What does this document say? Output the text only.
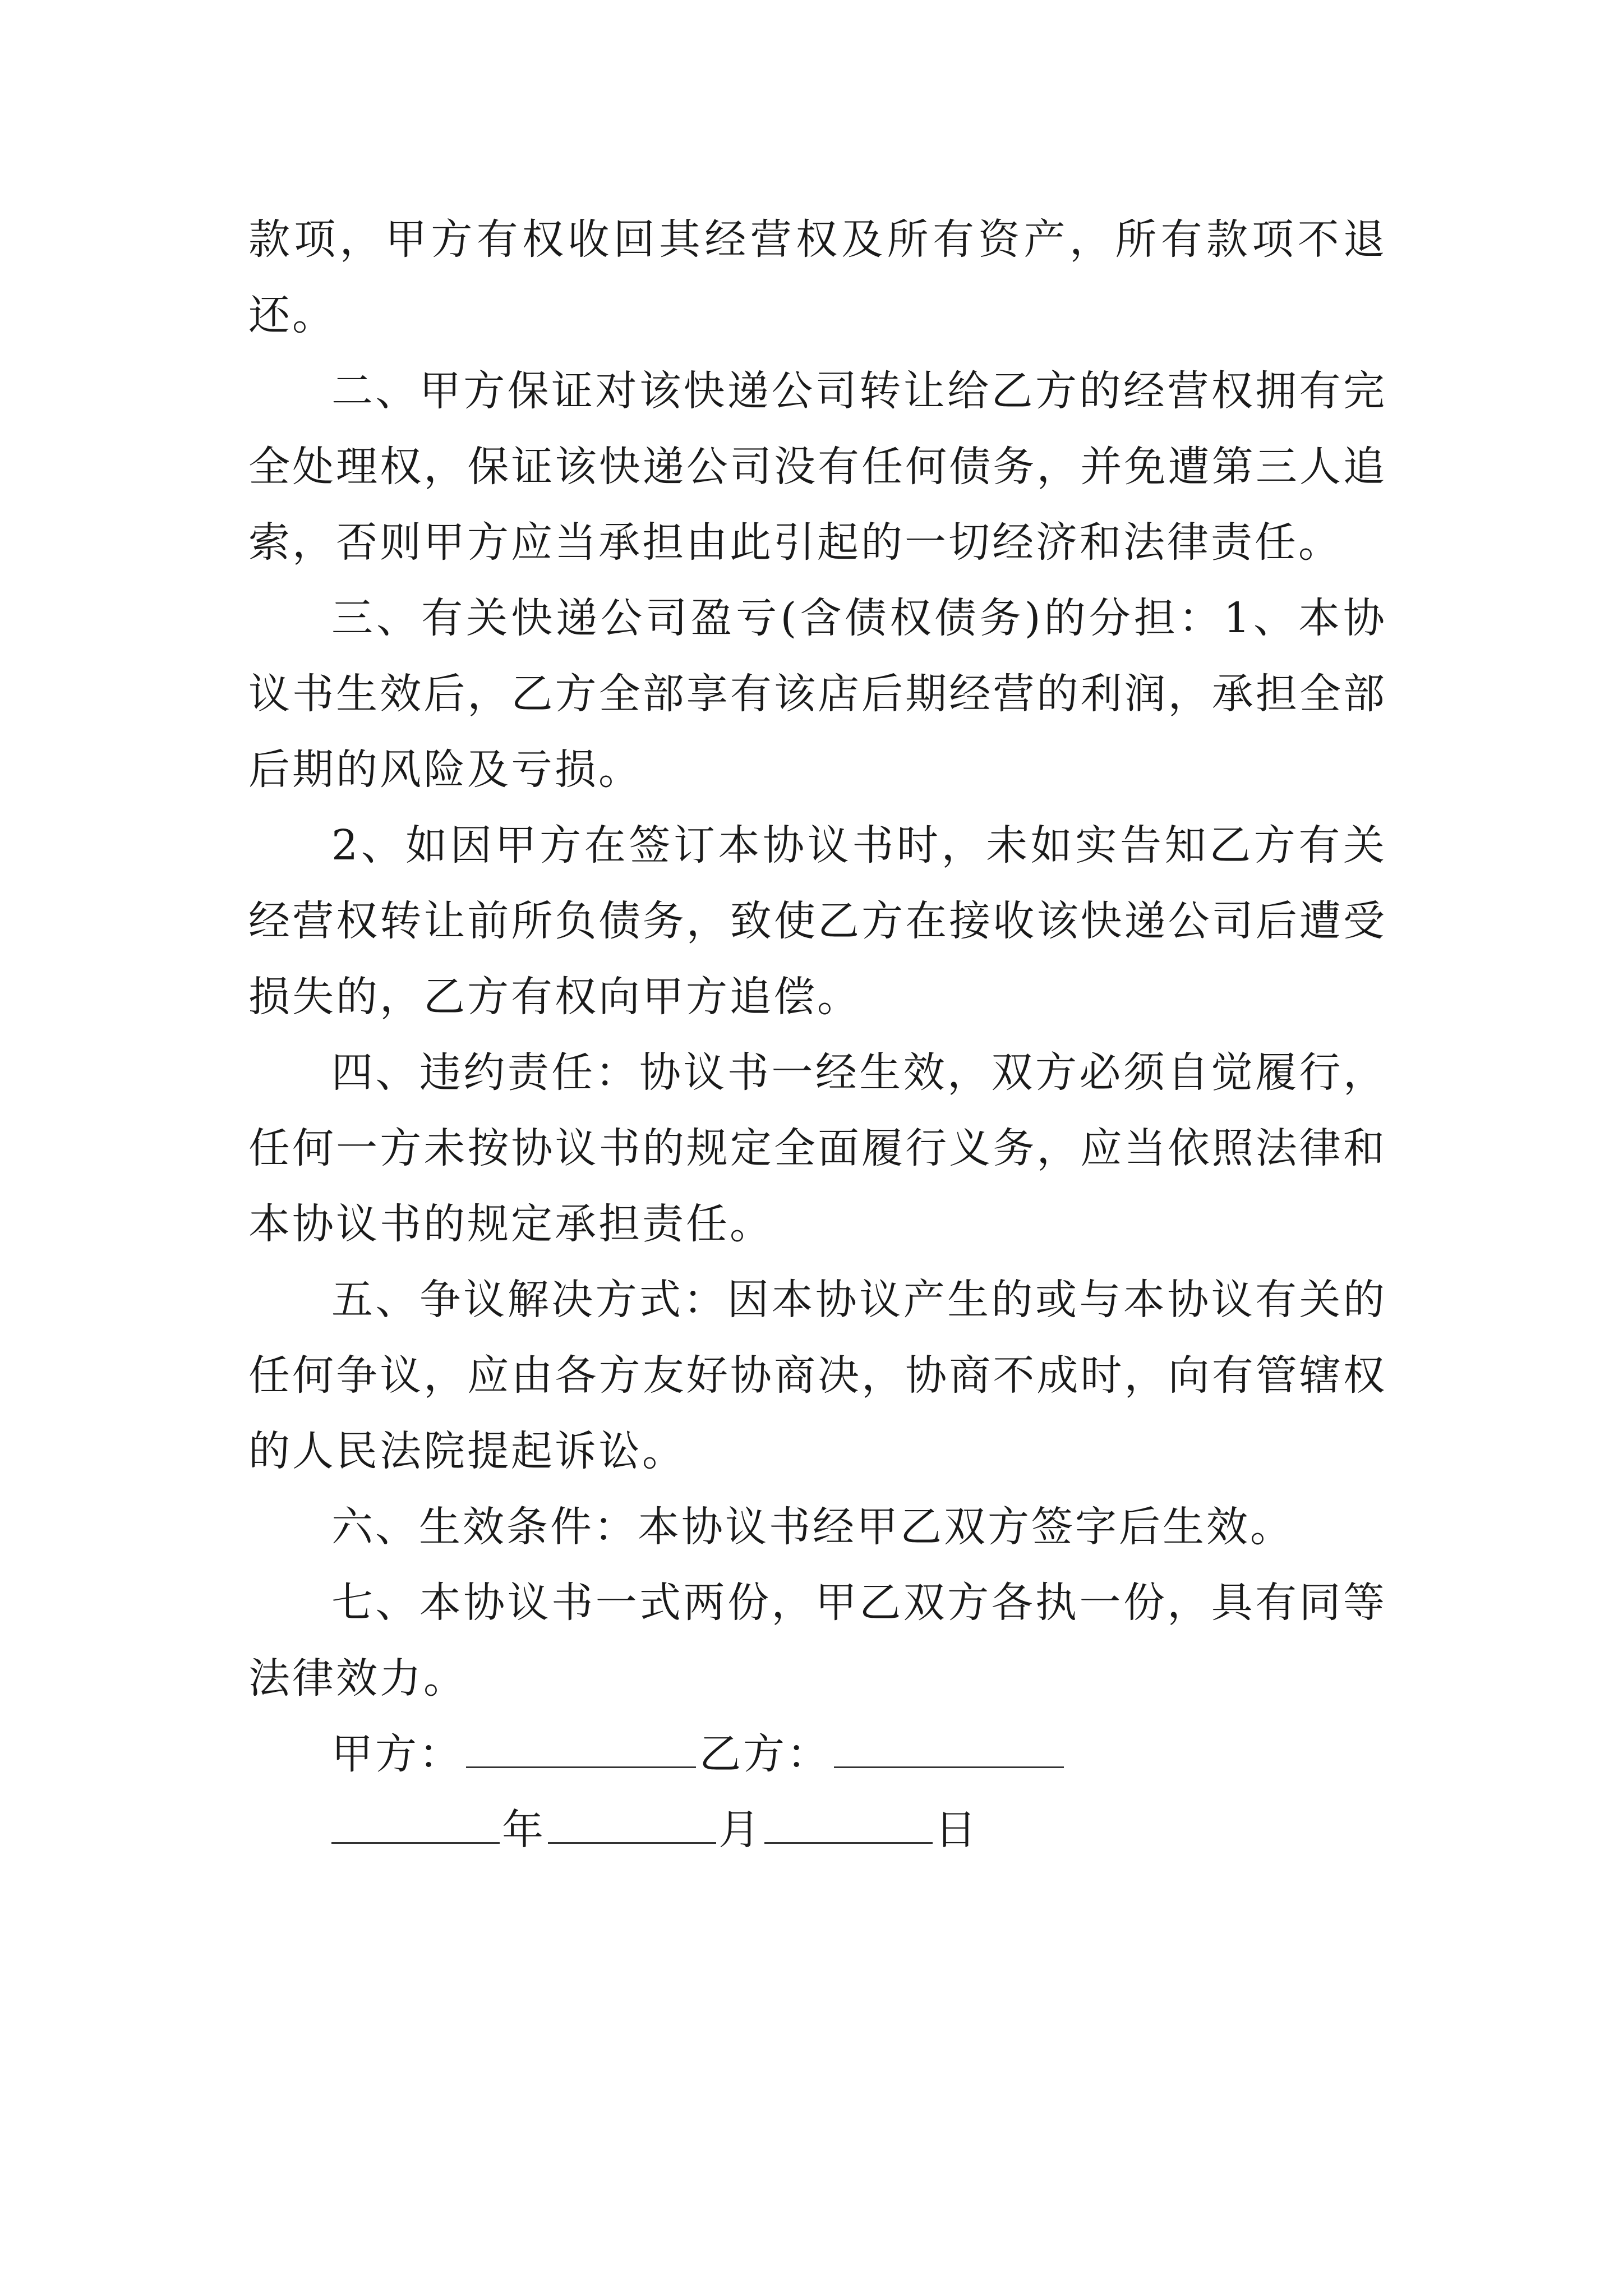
款项，甲方有权收回其经营权及所有资产，所有款项不退还。

二、甲方保证对该快递公司转让给乙方的经营权拥有完全处理权，保证该快递公司没有任何债务，并免遭第三人追索，否则甲方应当承担由此引起的一切经济和法律责任。

三、有关快递公司盈亏(含债权债务)的分担：1、本协议书生效后，乙方全部享有该店后期经营的利润，承担全部后期的风险及亏损。

2、如因甲方在签订本协议书时，未如实告知乙方有关经营权转让前所负债务，致使乙方在接收该快递公司后遭受损失的，乙方有权向甲方追偿。

四、违约责任：协议书一经生效，双方必须自觉履行，任何一方未按协议书的规定全面履行义务，应当依照法律和本协议书的规定承担责任。

五、争议解决方式：因本协议产生的或与本协议有关的任何争议，应由各方友好协商决，协商不成时，向有管辖权的人民法院提起诉讼。

六、生效条件：本协议书经甲乙双方签字后生效。

七、本协议书一式两份，甲乙双方各执一份，具有同等法律效力。

甲方：	乙方：

年	月	日
